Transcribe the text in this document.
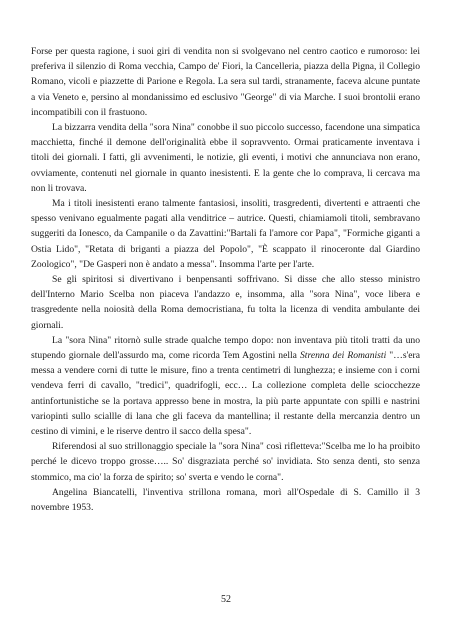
Forse per questa ragione, i suoi giri di vendita non si svolgevano nel centro caotico e rumoroso: lei preferiva il silenzio di Roma vecchia, Campo de' Fiori, la Cancelleria, piazza della Pigna, il Collegio Romano, vicoli e piazzette di Parione e Regola. La sera sul tardi, stranamente, faceva alcune puntate a via Veneto e, persino al mondanissimo ed esclusivo "George" di via Marche. I suoi brontolii erano incompatibili con il frastuono.

La bizzarra vendita della "sora Nina" conobbe il suo piccolo successo, facendone una simpatica macchietta, finché il demone dell'originalità ebbe il sopravvento. Ormai praticamente inventava i titoli dei giornali. I fatti, gli avvenimenti, le notizie, gli eventi, i motivi che annunciava non erano, ovviamente, contenuti nel giornale in quanto inesistenti. E la gente che lo comprava, li cercava ma non li trovava.

Ma i titoli inesistenti erano talmente fantasiosi, insoliti, trasgredenti, divertenti e attraenti che spesso venivano egualmente pagati alla venditrice – autrice. Questi, chiamiamoli titoli, sembravano suggeriti da Ionesco, da Campanile o da Zavattini:"Bartali fa l'amore cor Papa", "Formiche giganti a Ostia Lido", "Retata di briganti a piazza del Popolo", "È scappato il rinoceronte dal Giardino Zoologico", "De Gasperi non è andato a messa". Insomma l'arte per l'arte.

Se gli spiritosi si divertivano i benpensanti soffrivano. Si disse che allo stesso ministro dell'Interno Mario Scelba non piaceva l'andazzo e, insomma, alla "sora Nina", voce libera e trasgredente nella noiosità della Roma democristiana, fu tolta la licenza di vendita ambulante dei giornali.

La "sora Nina" ritornò sulle strade qualche tempo dopo: non inventava più titoli tratti da uno stupendo giornale dell'assurdo ma, come ricorda Tem Agostini nella Strenna dei Romanisti "…s'era messa a vendere corni di tutte le misure, fino a trenta centimetri di lunghezza; e insieme con i corni vendeva ferri di cavallo, "tredici", quadrifogli, ecc… La collezione completa delle sciocchezze antinfortunistiche se la portava appresso bene in mostra, la più parte appuntate con spilli e nastrini variopinti sullo sciallle di lana che gli faceva da mantellina; il restante della mercanzia dentro un cestino di vimini, e le riserve dentro il sacco della spesa".

Riferendosi al suo strillonaggio speciale la "sora Nina" così rifletteva:"Scelba me lo ha proibito perché le dicevo troppo grosse….. So' disgraziata perché so' invidiata. Sto senza denti, sto senza stommico, ma cio' la forza de spirito; so' sverta e vendo le corna".

Angelina Biancatelli, l'inventiva strillona romana, morì all'Ospedale di S. Camillo il 3 novembre 1953.

52
